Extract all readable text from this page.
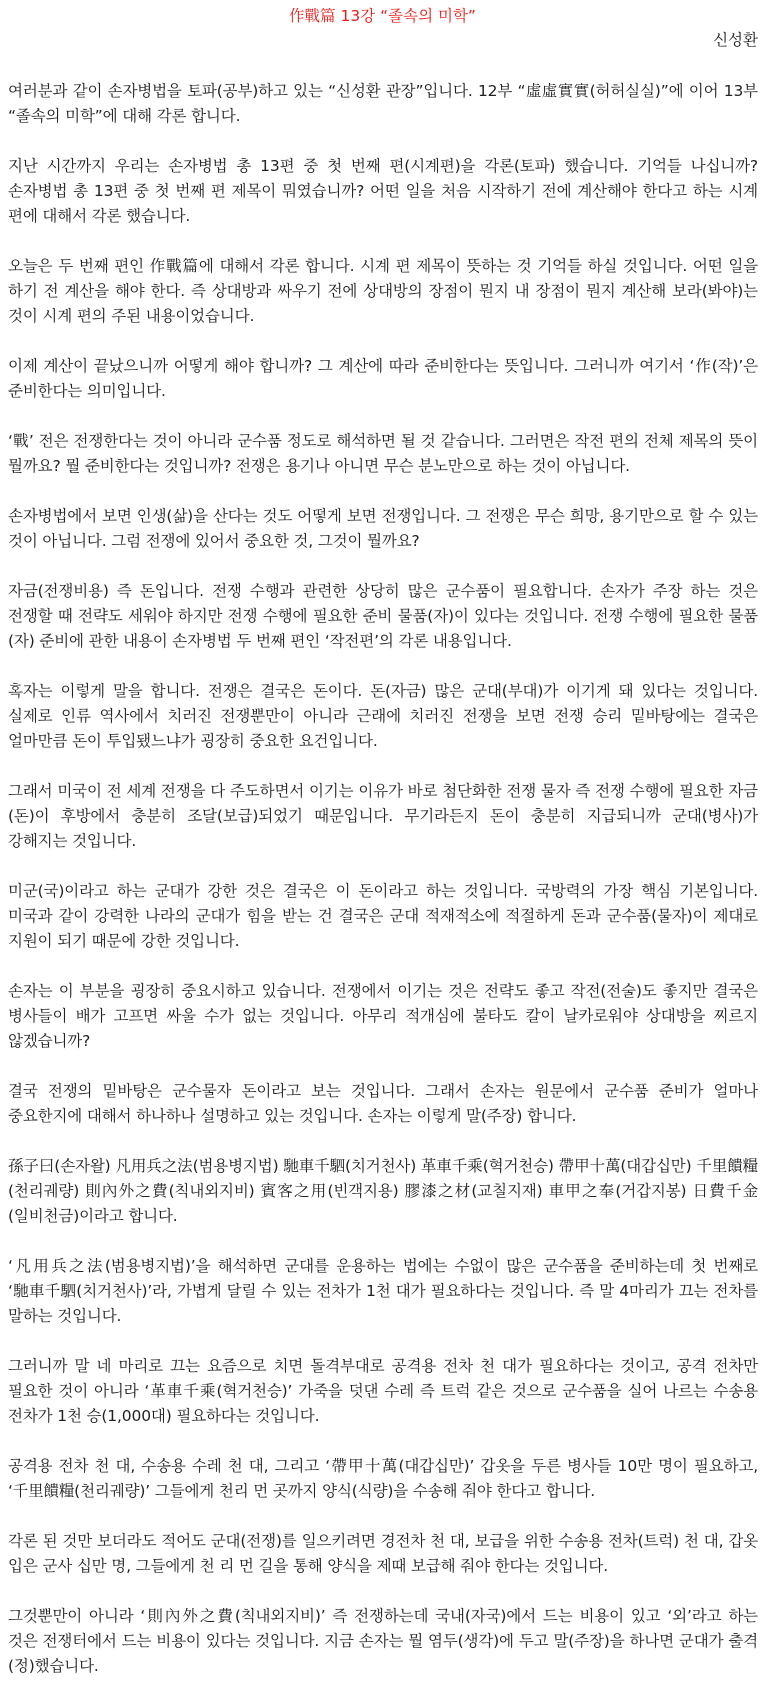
作戰篇 13강 “졸속의 미학”
신성환

여러분과 같이 손자병법을 토파(공부)하고 있는 “신성환 관장”입니다. 12부 “虛虛實實(허허실실)”에 이어 13부 “졸속의 미학”에 대해 각론 합니다.

지난 시간까지 우리는 손자병법 총 13편 중 첫 번째 편(시계편)을 각론(토파) 했습니다. 기억들 나십니까? 손자병법 총 13편 중 첫 번째 편 제목이 뭐였습니까? 어떤 일을 처음 시작하기 전에 계산해야 한다고 하는 시계 편에 대해서 각론 했습니다.

오늘은 두 번째 편인 作戰篇에 대해서 각론 합니다. 시계 편 제목이 뜻하는 것 기억들 하실 것입니다. 어떤 일을 하기 전 계산을 해야 한다. 즉 상대방과 싸우기 전에 상대방의 장점이 뭔지 내 장점이 뭔지 계산해 보라(봐야)는 것이 시계 편의 주된 내용이었습니다.

이제 계산이 끝났으니까 어떻게 해야 합니까? 그 계산에 따라 준비한다는 뜻입니다. 그러니까 여기서 ‘作(작)’은 준비한다는 의미입니다.

‘戰’ 전은 전쟁한다는 것이 아니라 군수품 정도로 해석하면 될 것 같습니다. 그러면은 작전 편의 전체 제목의 뜻이 뭘까요? 뭘 준비한다는 것입니까? 전쟁은 용기나 아니면 무슨 분노만으로 하는 것이 아닙니다.

손자병법에서 보면 인생(삶)을 산다는 것도 어떻게 보면 전쟁입니다. 그 전쟁은 무슨 희망, 용기만으로 할 수 있는 것이 아닙니다. 그럼 전쟁에 있어서 중요한 것, 그것이 뭘까요?

자금(전쟁비용) 즉 돈입니다. 전쟁 수행과 관련한 상당히 많은 군수품이 필요합니다. 손자가 주장 하는 것은 전쟁할 때 전략도 세워야 하지만 전쟁 수행에 필요한 준비 물품(자)이 있다는 것입니다. 전쟁 수행에 필요한 물품(자) 준비에 관한 내용이 손자병법 두 번째 편인 ‘작전편’의 각론 내용입니다.

혹자는 이렇게 말을 합니다. 전쟁은 결국은 돈이다. 돈(자금) 많은 군대(부대)가 이기게 돼 있다는 것입니다. 실제로 인류 역사에서 치러진 전쟁뿐만이 아니라 근래에 치러진 전쟁을 보면 전쟁 승리 밑바탕에는 결국은 얼마만큼 돈이 투입됐느냐가 굉장히 중요한 요건입니다.

그래서 미국이 전 세계 전쟁을 다 주도하면서 이기는 이유가 바로 첨단화한 전쟁 물자 즉 전쟁 수행에 필요한 자금(돈)이 후방에서 충분히 조달(보급)되었기 때문입니다. 무기라든지 돈이 충분히 지급되니까 군대(병사)가 강해지는 것입니다.

미군(국)이라고 하는 군대가 강한 것은 결국은 이 돈이라고 하는 것입니다. 국방력의 가장 핵심 기본입니다. 미국과 같이 강력한 나라의 군대가 힘을 받는 건 결국은 군대 적재적소에 적절하게 돈과 군수품(물자)이 제대로 지원이 되기 때문에 강한 것입니다.

손자는 이 부분을 굉장히 중요시하고 있습니다. 전쟁에서 이기는 것은 전략도 좋고 작전(전술)도 좋지만 결국은 병사들이 배가 고프면 싸울 수가 없는 것입니다. 아무리 적개심에 불타도 칼이 날카로워야 상대방을 찌르지 않겠습니까?

결국 전쟁의 밑바탕은 군수물자 돈이라고 보는 것입니다. 그래서 손자는 원문에서 군수품 준비가 얼마나 중요한지에 대해서 하나하나 설명하고 있는 것입니다. 손자는 이렇게 말(주장) 합니다.

孫子曰(손자왈) 凡用兵之法(범용병지법) 馳車千駟(치거천사) 革車千乘(혁거천승) 帶甲十萬(대갑십만) 千里饋糧(천리궤량) 則內外之費(칙내외지비) 賓客之用(빈객지용) 膠漆之材(교칠지재) 車甲之奉(거갑지봉) 日費千金(일비천금)이라고 합니다.

‘凡用兵之法(범용병지법)’을 해석하면 군대를 운용하는 법에는 수없이 많은 군수품을 준비하는데 첫 번째로 ‘馳車千駟(치거천사)’라, 가볍게 달릴 수 있는 전차가 1천 대가 필요하다는 것입니다. 즉 말 4마리가 끄는 전차를 말하는 것입니다.

그러니까 말 네 마리로 끄는 요즘으로 치면 돌격부대로 공격용 전차 천 대가 필요하다는 것이고, 공격 전차만 필요한 것이 아니라 ‘革車千乘(혁거천승)’ 가죽을 덧댄 수레 즉 트럭 같은 것으로 군수품을 실어 나르는 수송용 전차가 1천 승(1,000대) 필요하다는 것입니다.

공격용 전차 천 대, 수송용 수레 천 대, 그리고 ‘帶甲十萬(대갑십만)’ 갑옷을 두른 병사들 10만 명이 필요하고, ‘千里饋糧(천리궤량)’ 그들에게 천리 먼 곳까지 양식(식량)을 수송해 줘야 한다고 합니다.

각론 된 것만 보더라도 적어도 군대(전쟁)를 일으키려면 경전차 천 대, 보급을 위한 수송용 전차(트럭) 천 대, 갑옷 입은 군사 십만 명, 그들에게 천 리 먼 길을 통해 양식을 제때 보급해 줘야 한다는 것입니다.

그것뿐만이 아니라 ‘則內外之費(칙내외지비)’ 즉 전쟁하는데 국내(자국)에서 드는 비용이 있고 ‘외’라고 하는 것은 전쟁터에서 드는 비용이 있다는 것입니다. 지금 손자는 뭘 염두(생각)에 두고 말(주장)을 하나면 군대가 출격(정)했습니다.
